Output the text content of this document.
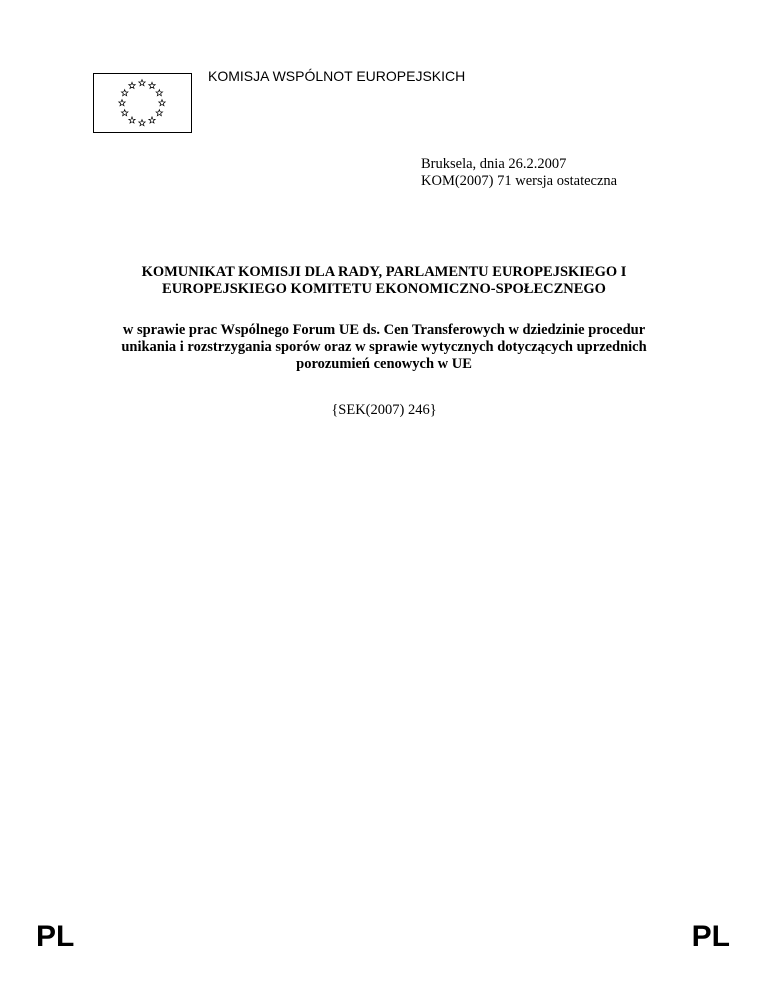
KOMISJA WSPÓLNOT EUROPEJSKICH
Bruksela, dnia 26.2.2007
KOM(2007) 71 wersja ostateczna
KOMUNIKAT KOMISJI DLA RADY, PARLAMENTU EUROPEJSKIEGO I
EUROPEJSKIEGO KOMITETU EKONOMICZNO-SPOŁECZNEGO
w sprawie prac Wspólnego Forum UE ds. Cen Transferowych w dziedzinie procedur
unikania i rozstrzygania sporów oraz w sprawie wytycznych dotyczących uprzednich
porozumień cenowych w UE
{SEK(2007) 246}
PL	PL
